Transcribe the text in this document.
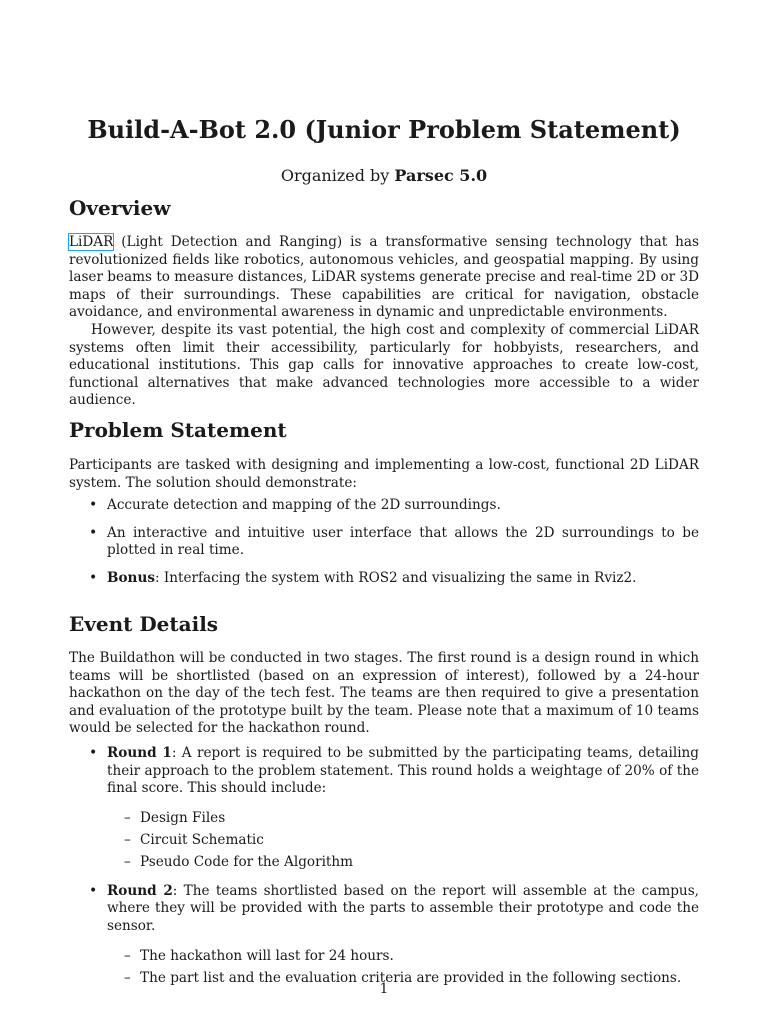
Build-A-Bot 2.0 (Junior Problem Statement)

Organized by Parsec 5.0

Overview

LiDAR (Light Detection and Ranging) is a transformative sensing technology that has revolutionized fields like robotics, autonomous vehicles, and geospatial mapping. By using laser beams to measure distances, LiDAR systems generate precise and real-time 2D or 3D maps of their surroundings. These capabilities are critical for navigation, obstacle avoidance, and environmental awareness in dynamic and unpredictable environments.

However, despite its vast potential, the high cost and complexity of commercial LiDAR systems often limit their accessibility, particularly for hobbyists, researchers, and educational institutions. This gap calls for innovative approaches to create low-cost, functional alternatives that make advanced technologies more accessible to a wider audience.

Problem Statement

Participants are tasked with designing and implementing a low-cost, functional 2D LiDAR system. The solution should demonstrate:

• Accurate detection and mapping of the 2D surroundings.
• An interactive and intuitive user interface that allows the 2D surroundings to be plotted in real time.
• Bonus: Interfacing the system with ROS2 and visualizing the same in Rviz2.
Event Details

The Buildathon will be conducted in two stages. The first round is a design round in which teams will be shortlisted (based on an expression of interest), followed by a 24-hour hackathon on the day of the tech fest. The teams are then required to give a presentation and evaluation of the prototype built by the team. Please note that a maximum of 10 teams would be selected for the hackathon round.

• Round 1: A report is required to be submitted by the participating teams, detailing their approach to the problem statement. This round holds a weightage of 20% of the final score. This should include:
– Design Files
– Circuit Schematic
– Pseudo Code for the Algorithm
• Round 2: The teams shortlisted based on the report will assemble at the campus, where they will be provided with the parts to assemble their prototype and code the sensor.
– The hackathon will last for 24 hours.
– The part list and the evaluation criteria are provided in the following sections.
1
